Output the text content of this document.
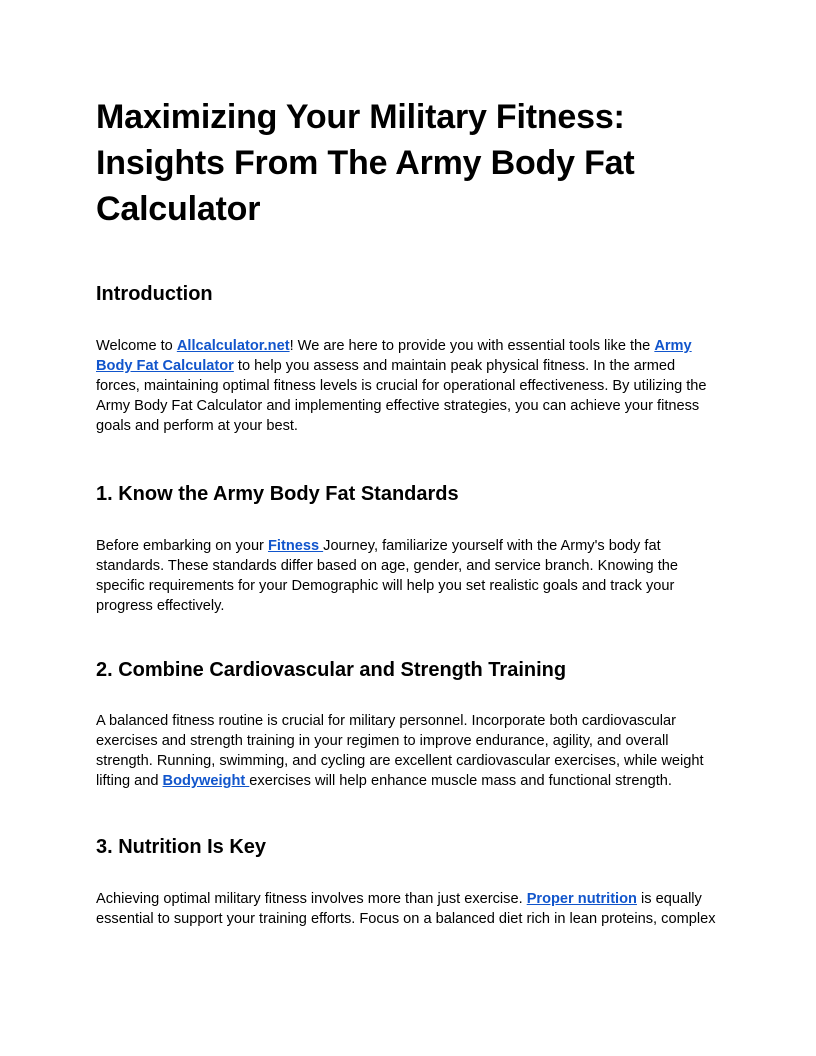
Maximizing Your Military Fitness: Insights From The Army Body Fat Calculator
Introduction

Welcome to Allcalculator.net! We are here to provide you with essential tools like the Army Body Fat Calculator to help you assess and maintain peak physical fitness. In the armed forces, maintaining optimal fitness levels is crucial for operational effectiveness. By utilizing the Army Body Fat Calculator and implementing effective strategies, you can achieve your fitness goals and perform at your best.

1. Know the Army Body Fat Standards

Before embarking on your Fitness Journey, familiarize yourself with the Army's body fat standards. These standards differ based on age, gender, and service branch. Knowing the specific requirements for your Demographic will help you set realistic goals and track your progress effectively.

2. Combine Cardiovascular and Strength Training

A balanced fitness routine is crucial for military personnel. Incorporate both cardiovascular exercises and strength training in your regimen to improve endurance, agility, and overall strength. Running, swimming, and cycling are excellent cardiovascular exercises, while weight lifting and Bodyweight exercises will help enhance muscle mass and functional strength.

3. Nutrition Is Key

Achieving optimal military fitness involves more than just exercise. Proper nutrition is equally essential to support your training efforts. Focus on a balanced diet rich in lean proteins, complex
